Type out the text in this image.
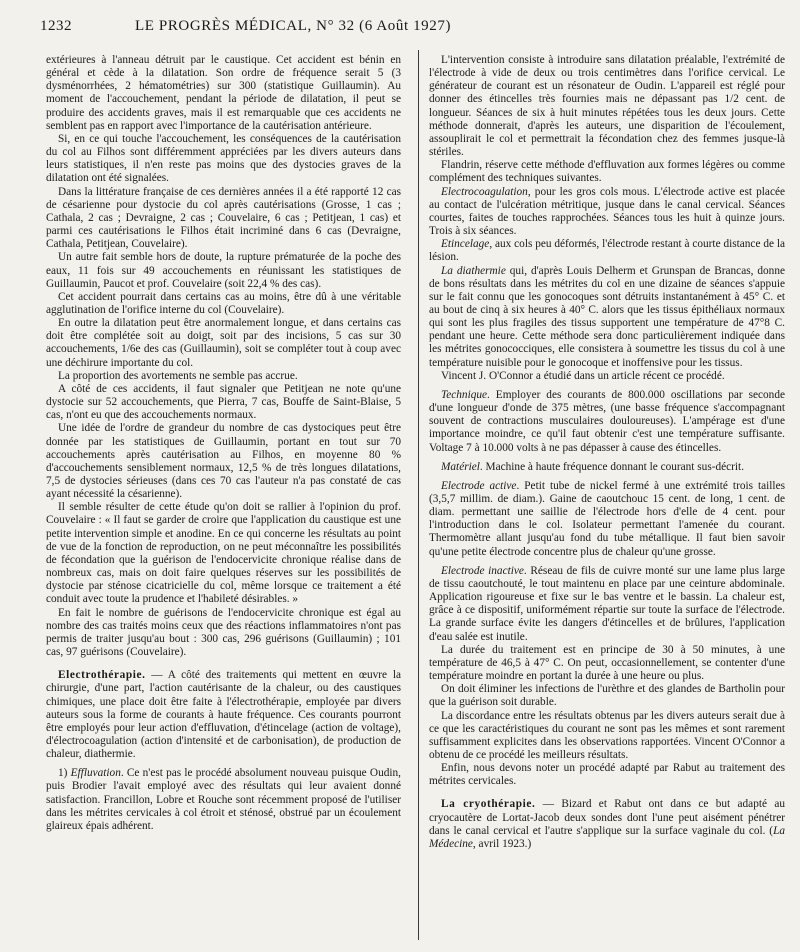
1232	LE PROGRÈS MÉDICAL, N° 32 (6 Août 1927)

extérieures à l'anneau détruit par le caustique. Cet accident est bénin en général et cède à la dilatation. Son ordre de fréquence serait 5 (3 dysménorrhées, 2 hématométries) sur 300 (statistique Guillaumin). Au moment de l'accouchement, pendant la période de dilatation, il peut se produire des accidents graves, mais il est remarquable que ces accidents ne semblent pas en rapport avec l'importance de la cautérisation antérieure.

Si, en ce qui touche l'accouchement, les conséquences de la cautérisation du col au Filhos sont différemment appréciées par les divers auteurs dans leurs statistiques, il n'en reste pas moins que des dystocies graves de la dilatation ont été signalées.

Dans la littérature française de ces dernières années il a été rapporté 12 cas de césarienne pour dystocie du col après cautérisations (Grosse, 1 cas ; Cathala, 2 cas ; Devraigne, 2 cas ; Couvelaire, 6 cas ; Petitjean, 1 cas) et parmi ces cautérisations le Filhos était incriminé dans 6 cas (Devraigne, Cathala, Petitjean, Couvelaire).

Un autre fait semble hors de doute, la rupture prématurée de la poche des eaux, 11 fois sur 49 accouchements en réunissant les statistiques de Guillaumin, Paucot et prof. Couvelaire (soit 22,4 % des cas).

Cet accident pourrait dans certains cas au moins, être dû à une véritable agglutination de l'orifice interne du col (Couvelaire).

En outre la dilatation peut être anormalement longue, et dans certains cas doit être complétée soit au doigt, soit par des incisions, 5 cas sur 30 accouchements, 1/6e des cas (Guillaumin), soit se compléter tout à coup avec une déchirure importante du col.

La proportion des avortements ne semble pas accrue.

A côté de ces accidents, il faut signaler que Petitjean ne note qu'une dystocie sur 52 accouchements, que Pierra, 7 cas, Bouffe de Saint-Blaise, 5 cas, n'ont eu que des accouchements normaux.

Une idée de l'ordre de grandeur du nombre de cas dystociques peut être donnée par les statistiques de Guillaumin, portant en tout sur 70 accouchements après cautérisation au Filhos, en moyenne 80 % d'accouchements sensiblement normaux, 12,5 % de très longues dilatations, 7,5 de dystocies sérieuses (dans ces 70 cas l'auteur n'a pas constaté de cas ayant nécessité la césarienne).

Il semble résulter de cette étude qu'on doit se rallier à l'opinion du prof. Couvelaire : « Il faut se garder de croire que l'application du caustique est une petite intervention simple et anodine. En ce qui concerne les résultats au point de vue de la fonction de reproduction, on ne peut méconnaître les possibilités de fécondation que la guérison de l'endocervicite chronique réalise dans de nombreux cas, mais on doit faire quelques réserves sur les possibilités de dystocie par sténose cicatricielle du col, même lorsque ce traitement a été conduit avec toute la prudence et l'habileté désirables. »

En fait le nombre de guérisons de l'endocervicite chronique est égal au nombre des cas traités moins ceux que des réactions inflammatoires n'ont pas permis de traiter jusqu'au bout : 300 cas, 296 guérisons (Guillaumin) ; 101 cas, 97 guérisons (Couvelaire).

Electrothérapie. — A côté des traitements qui mettent en œuvre la chirurgie, d'une part, l'action cautérisante de la chaleur, ou des caustiques chimiques, une place doit être faite à l'électrothérapie, employée par divers auteurs sous la forme de courants à haute fréquence. Ces courants pourront être employés pour leur action d'effluvation, d'étincelage (action de voltage), d'électrocoagulation (action d'intensité et de carbonisation), de production de chaleur, diathermie.

1) Effluvation. Ce n'est pas le procédé absolument nouveau puisque Oudin, puis Brodier l'avait employé avec des résultats qui leur avaient donné satisfaction. Francillon, Lobre et Rouche sont récemment proposé de l'utiliser dans les métrites cervicales à col étroit et sténosé, obstrué par un écoulement glaireux épais adhérent.

L'intervention consiste à introduire sans dilatation préalable, l'extrémité de l'électrode à vide de deux ou trois centimètres dans l'orifice cervical. Le générateur de courant est un résonateur de Oudin. L'appareil est réglé pour donner des étincelles très fournies mais ne dépassant pas 1/2 cent. de longueur. Séances de six à huit minutes répétées tous les deux jours. Cette méthode donnerait, d'après les auteurs, une disparition de l'écoulement, assouplirait le col et permettrait la fécondation chez des femmes jusque-là stériles.

Flandrin, réserve cette méthode d'effluvation aux formes légères ou comme complément des techniques suivantes.

Electrocoagulation, pour les gros cols mous. L'électrode active est placée au contact de l'ulcération métritique, jusque dans le canal cervical. Séances courtes, faites de touches rapprochées. Séances tous les huit à quinze jours. Trois à six séances.

Etincelage, aux cols peu déformés, l'électrode restant à courte distance de la lésion.

La diathermie qui, d'après Louis Delherm et Grunspan de Brancas, donne de bons résultats dans les métrites du col en une dizaine de séances s'appuie sur le fait connu que les gonocoques sont détruits instantanément à 45° C. et au bout de cinq à six heures à 40° C. alors que les tissus épithéliaux normaux qui sont les plus fragiles des tissus supportent une température de 47°8 C. pendant une heure. Cette méthode sera donc particulièrement indiquée dans les métrites gonococciques, elle consistera à soumettre les tissus du col à une température nuisible pour le gonocoque et inoffensive pour les tissus.

Vincent J. O'Connor a étudié dans un article récent ce procédé.

Technique. Employer des courants de 800.000 oscillations par seconde d'une longueur d'onde de 375 mètres, (une basse fréquence s'accompagnant souvent de contractions musculaires douloureuses). L'ampérage est d'une importance moindre, ce qu'il faut obtenir c'est une température suffisante. Voltage 7 à 10.000 volts à ne pas dépasser à cause des étincelles.

Matériel. Machine à haute fréquence donnant le courant sus-décrit.

Electrode active. Petit tube de nickel fermé à une extrémité trois tailles (3,5,7 millim. de diam.). Gaine de caoutchouc 15 cent. de long, 1 cent. de diam. permettant une saillie de l'électrode hors d'elle de 4 cent. pour l'introduction dans le col. Isolateur permettant l'amenée du courant. Thermomètre allant jusqu'au fond du tube métallique. Il faut bien savoir qu'une petite électrode concentre plus de chaleur qu'une grosse.

Electrode inactive. Réseau de fils de cuivre monté sur une lame plus large de tissu caoutchouté, le tout maintenu en place par une ceinture abdominale. Application rigoureuse et fixe sur le bas ventre et le bassin. La chaleur est, grâce à ce dispositif, uniformément répartie sur toute la surface de l'électrode. La grande surface évite les dangers d'étincelles et de brûlures, l'application d'eau salée est inutile.

La durée du traitement est en principe de 30 à 50 minutes, à une température de 46,5 à 47° C. On peut, occasionnellement, se contenter d'une température moindre en portant la durée à une heure ou plus.

On doit éliminer les infections de l'urèthre et des glandes de Bartholin pour que la guérison soit durable.

La discordance entre les résultats obtenus par les divers auteurs serait due à ce que les caractéristiques du courant ne sont pas les mêmes et sont rarement suffisamment explicites dans les observations rapportées. Vincent O'Connor a obtenu de ce procédé les meilleurs résultats.

Enfin, nous devons noter un procédé adapté par Rabut au traitement des métrites cervicales.

La cryothérapie. — Bizard et Rabut ont dans ce but adapté au cryocautère de Lortat-Jacob deux sondes dont l'une peut aisément pénétrer dans le canal cervical et l'autre s'applique sur la surface vaginale du col. (La Médecine, avril 1923.)
